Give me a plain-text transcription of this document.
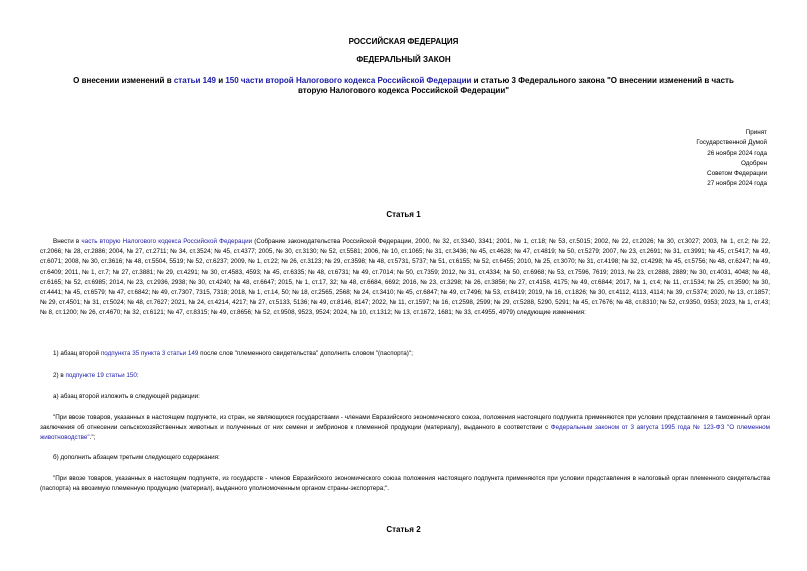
РОССИЙСКАЯ ФЕДЕРАЦИЯ
ФЕДЕРАЛЬНЫЙ ЗАКОН
О внесении изменений в статьи 149 и 150 части второй Налогового кодекса Российской Федерации и статью 3 Федерального закона "О внесении изменений в часть вторую Налогового кодекса Российской Федерации"
Принят
Государственной Думой
26 ноября 2024 года
Одобрен
Советом Федерации
27 ноября 2024 года
Статья 1
Внести в часть вторую Налогового кодекса Российской Федерации (Собрание законодательства Российской Федерации, 2000, № 32, ст.3340, 3341; 2001, № 1, ст.18; № 53, ст.5015; 2002, № 22, ст.2026; № 30, ст.3027; 2003, № 1, ст.2; № 22, ст.2066; № 28, ст.2886; 2004, № 27, ст.2711; № 34, ст.3524; № 45, ст.4377; 2005, № 30, ст.3130; № 52, ст.5581; 2006, № 10, ст.1065; № 31, ст.3436; № 45, ст.4628; № 47, ст.4819; № 50, ст.5279; 2007, № 23, ст.2691; № 31, ст.3991; № 45, ст.5417; № 49, ст.6071; 2008, № 30, ст.3616; № 48, ст.5504, 5519; № 52, ст.6237; 2009, № 1, ст.22; № 26, ст.3123; № 29, ст.3598; № 48, ст.5731, 5737; № 51, ст.6155; № 52, ст.6455; 2010, № 25, ст.3070; № 31, ст.4198; № 32, ст.4298; № 45, ст.5756; № 48, ст.6247; № 49, ст.6409; 2011, № 1, ст.7; № 27, ст.3881; № 29, ст.4291; № 30, ст.4583, 4593; № 45, ст.6335; № 48, ст.6731; № 49, ст.7014; № 50, ст.7359; 2012, № 31, ст.4334; № 50, ст.6968; № 53, ст.7596, 7619; 2013, № 23, ст.2888, 2889; № 30, ст.4031, 4048; № 48, ст.6165; № 52, ст.6985; 2014, № 23, ст.2936, 2938; № 30, ст.4240; № 48, ст.6647; 2015, № 1, ст.17, 32; № 48, ст.6684, 6692; 2016, № 23, ст.3298; № 26, ст.3856; № 27, ст.4158, 4175; № 49, ст.6844; 2017, № 1, ст.4; № 11, ст.1534; № 25, ст.3590; № 30, ст.4441; № 45, ст.6579; № 47, ст.6842; № 49, ст.7307, 7315, 7318; 2018, № 1, ст.14, 50; № 18, ст.2565, 2568; № 24, ст.3410; № 45, ст.6847; № 49, ст.7496; № 53, ст.8419; 2019, № 16, ст.1826; № 30, ст.4112, 4113, 4114; № 39, ст.5374; 2020, № 13, ст.1857; № 29, ст.4501; № 31, ст.5024; № 48, ст.7627; 2021, № 24, ст.4214, 4217; № 27, ст.5133, 5136; № 49, ст.8146, 8147; 2022, № 11, ст.1597; № 16, ст.2598, 2599; № 29, ст.5288, 5290, 5291; № 45, ст.7676; № 48, ст.8310; № 52, ст.9350, 9353; 2023, № 1, ст.43; № 8, ст.1200; № 26, ст.4670; № 32, ст.6121; № 47, ст.8315; № 49, ст.8656; № 52, ст.9508, 9523, 9524; 2024, № 10, ст.1312; № 13, ст.1672, 1681; № 33, ст.4955, 4979) следующие изменения:
1) абзац второй подпункта 35 пункта 3 статьи 149 после слов "племенного свидетельства" дополнить словом "(паспорта)";
2) в подпункте 19 статьи 150:
а) абзац второй изложить в следующей редакции:
"При ввозе товаров, указанных в настоящем подпункте, из стран, не являющихся государствами - членами Евразийского экономического союза, положения настоящего подпункта применяются при условии представления в таможенный орган заключения об отнесении сельскохозяйственных животных и полученных от них семени и эмбрионов к племенной продукции (материалу), выданного в соответствии с Федеральным законом от 3 августа 1995 года № 123-ФЗ "О племенном животноводстве".";
б) дополнить абзацем третьим следующего содержания:
"При ввозе товаров, указанных в настоящем подпункте, из государств - членов Евразийского экономического союза положения настоящего подпункта применяются при условии представления в налоговый орган племенного свидетельства (паспорта) на ввозимую племенную продукцию (материал), выданного уполномоченным органом страны-экспортера;".
Статья 2
